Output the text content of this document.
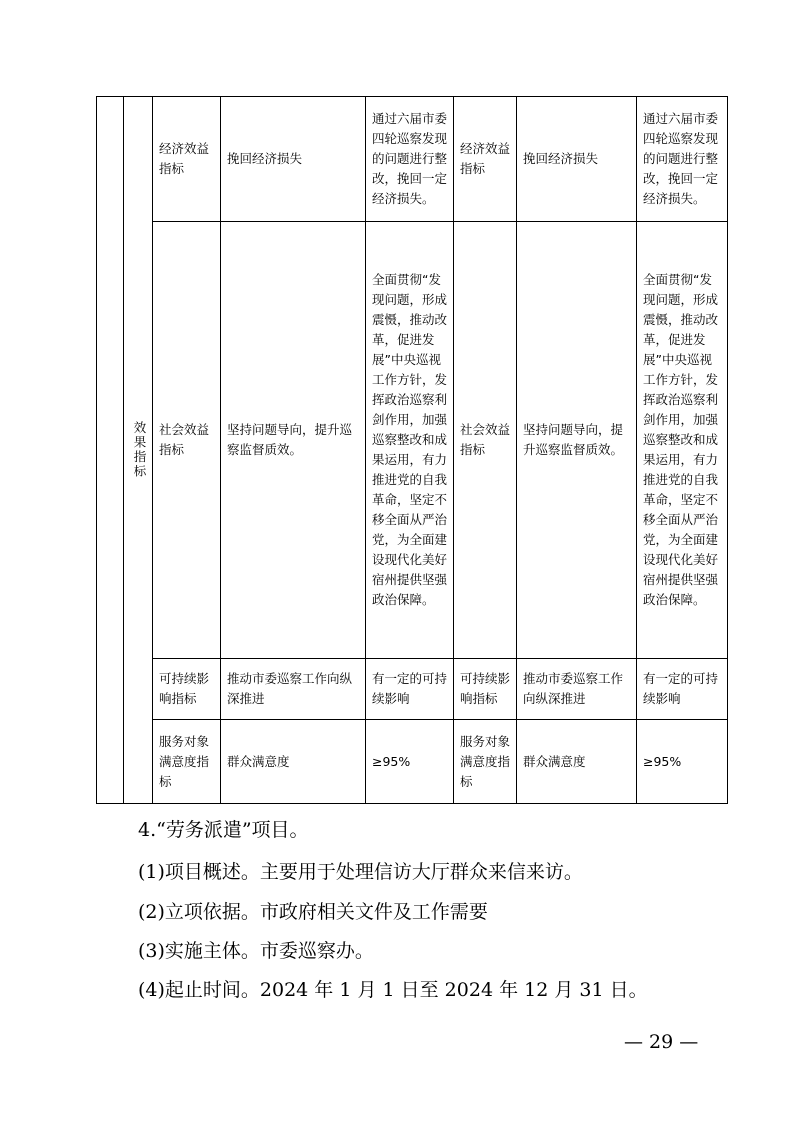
	效果指标	经济效益 指标	挽回经济损失	通过六届市委四轮巡察发现的问题进行整改，挽回一定经济损失。	经济效益 指标	挽回经济损失	通过六届市委四轮巡察发现的问题进行整改，挽回一定经济损失。
		社会效益 指标	坚持问题导向，提升巡察监督质效。	全面贯彻“发现问题，形成震慑，推动改革，促进发展”中央巡视工作方针，发挥政治巡察利剑作用，加强巡察整改和成果运用，有力推进党的自我革命，坚定不移全面从严治党，为全面建设现代化美好宿州提供坚强政治保障。	社会效益 指标	坚持问题导向，提升巡察监督质效。	全面贯彻“发现问题，形成震慑，推动改革，促进发展”中央巡视工作方针，发挥政治巡察利剑作用，加强巡察整改和成果运用，有力推进党的自我革命，坚定不移全面从严治党，为全面建设现代化美好宿州提供坚强政治保障。
		可持续影响指标	推动市委巡察工作向纵深推进	有一定的可持续影响	可持续影响指标	推动市委巡察工作向纵深推进	有一定的可持续影响
		服务对象满意度指标	群众满意度	≥95%	服务对象满意度指标	群众满意度	≥95%

4.“劳务派遣”项目。

(1)项目概述。主要用于处理信访大厅群众来信来访。

(2)立项依据。市政府相关文件及工作需要

(3)实施主体。市委巡察办。

(4)起止时间。2024 年 1 月 1 日至 2024 年 12 月 31 日。

— 29 —
